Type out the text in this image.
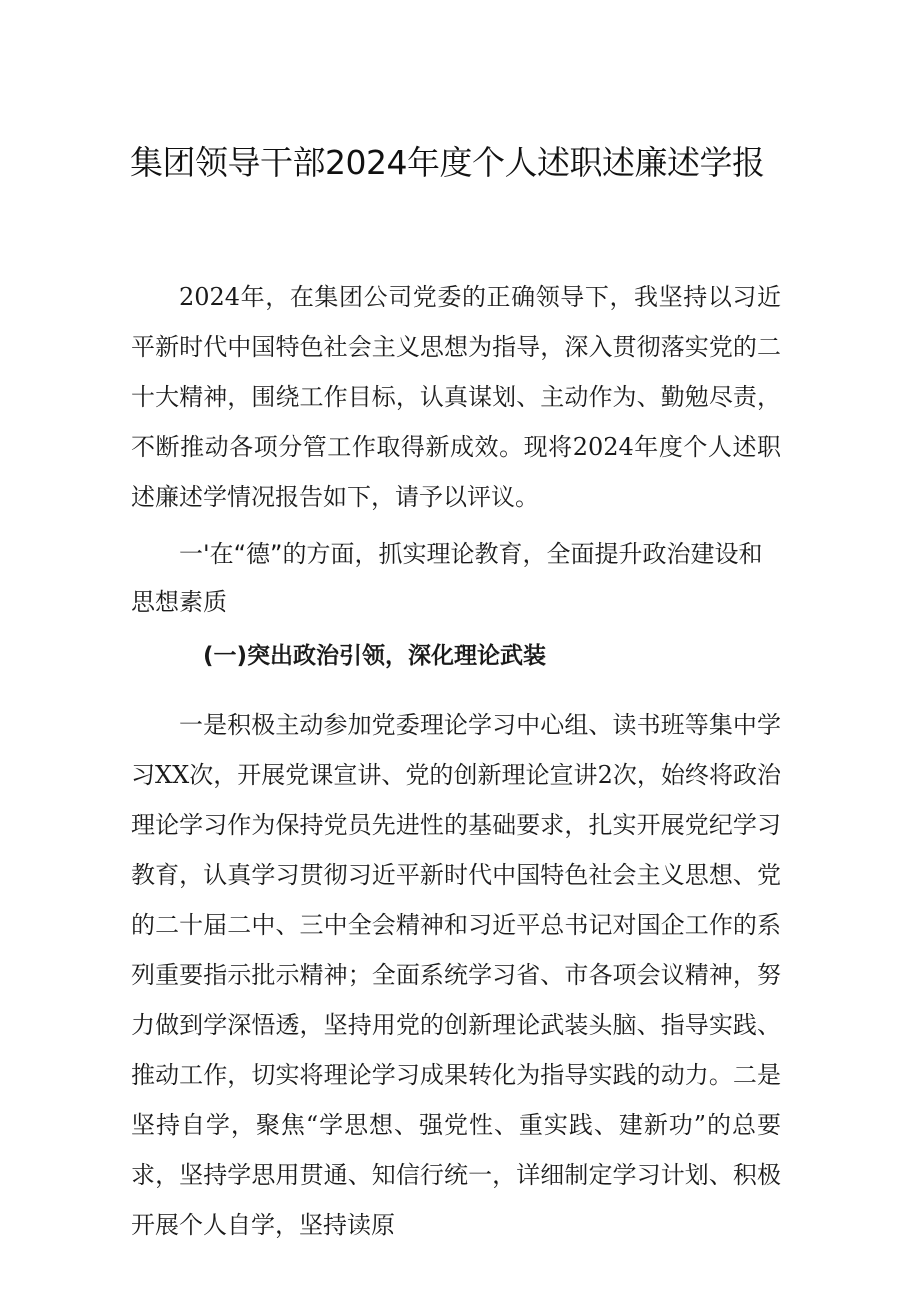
集团领导干部2024年度个人述职述廉述学报

2024年，在集团公司党委的正确领导下，我坚持以习近平新时代中国特色社会主义思想为指导，深入贯彻落实党的二十大精神，围绕工作目标，认真谋划、主动作为、勤勉尽责，不断推动各项分管工作取得新成效。现将2024年度个人述职述廉述学情况报告如下，请予以评议。

一'在“德”的方面，抓实理论教育，全面提升政治建设和思想素质

(一)突出政治引领，深化理论武装

一是积极主动参加党委理论学习中心组、读书班等集中学习XX次，开展党课宣讲、党的创新理论宣讲2次，始终将政治理论学习作为保持党员先进性的基础要求，扎实开展党纪学习教育，认真学习贯彻习近平新时代中国特色社会主义思想、党的二十届二中、三中全会精神和习近平总书记对国企工作的系列重要指示批示精神；全面系统学习省、市各项会议精神，努力做到学深悟透，坚持用党的创新理论武装头脑、指导实践、推动工作，切实将理论学习成果转化为指导实践的动力。二是坚持自学，聚焦“学思想、强党性、重实践、建新功”的总要求，坚持学思用贯通、知信行统一，详细制定学习计划、积极开展个人自学，坚持读原
